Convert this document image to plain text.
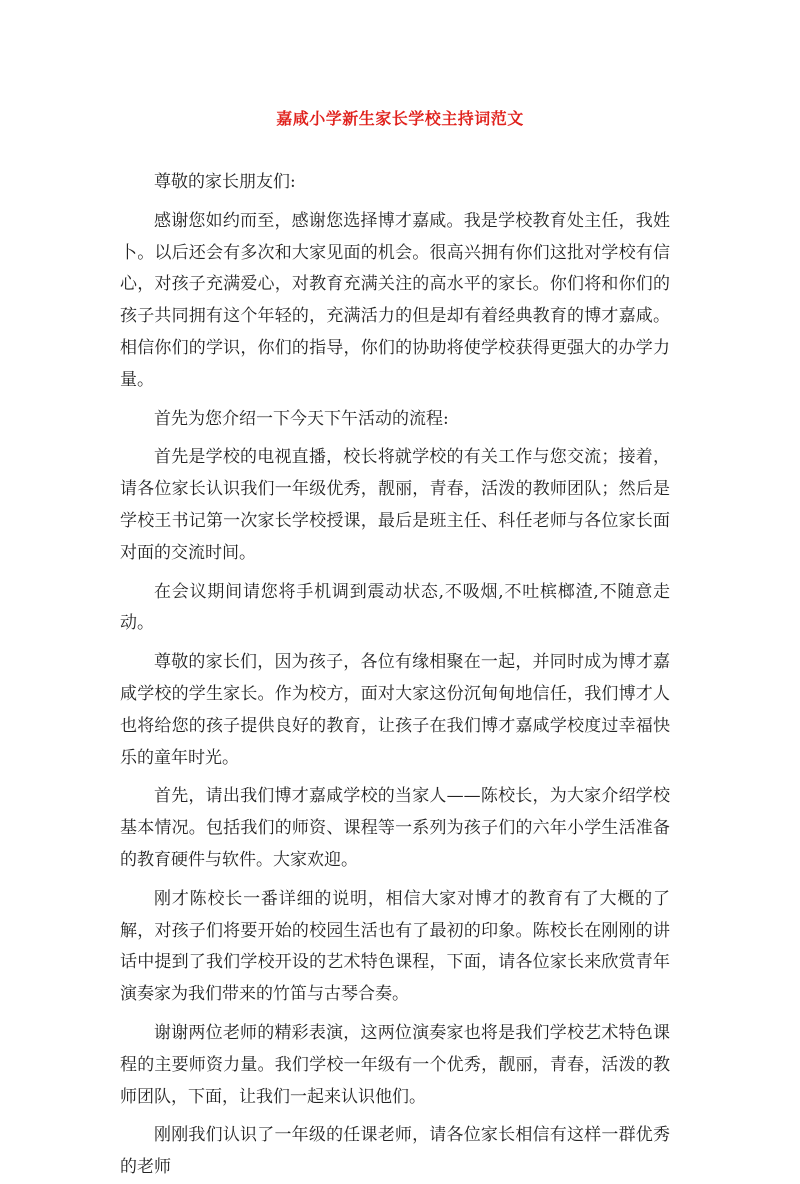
嘉咸小学新生家长学校主持词范文

尊敬的家长朋友们:

感谢您如约而至，感谢您选择博才嘉咸。我是学校教育处主任，我姓卜。以后还会有多次和大家见面的机会。很高兴拥有你们这批对学校有信心，对孩子充满爱心，对教育充满关注的高水平的家长。你们将和你们的孩子共同拥有这个年轻的，充满活力的但是却有着经典教育的博才嘉咸。相信你们的学识，你们的指导，你们的协助将使学校获得更强大的办学力量。

首先为您介绍一下今天下午活动的流程:

首先是学校的电视直播，校长将就学校的有关工作与您交流；接着，请各位家长认识我们一年级优秀，靓丽，青春，活泼的教师团队；然后是学校王书记第一次家长学校授课，最后是班主任、科任老师与各位家长面对面的交流时间。

在会议期间请您将手机调到震动状态,不吸烟,不吐槟榔渣,不随意走动。

尊敬的家长们，因为孩子，各位有缘相聚在一起，并同时成为博才嘉咸学校的学生家长。作为校方，面对大家这份沉甸甸地信任，我们博才人也将给您的孩子提供良好的教育，让孩子在我们博才嘉咸学校度过幸福快乐的童年时光。

首先，请出我们博才嘉咸学校的当家人——陈校长，为大家介绍学校基本情况。包括我们的师资、课程等一系列为孩子们的六年小学生活准备的教育硬件与软件。大家欢迎。

刚才陈校长一番详细的说明，相信大家对博才的教育有了大概的了解，对孩子们将要开始的校园生活也有了最初的印象。陈校长在刚刚的讲话中提到了我们学校开设的艺术特色课程，下面，请各位家长来欣赏青年演奏家为我们带来的竹笛与古琴合奏。

谢谢两位老师的精彩表演，这两位演奏家也将是我们学校艺术特色课程的主要师资力量。我们学校一年级有一个优秀，靓丽，青春，活泼的教师团队，下面，让我们一起来认识他们。

刚刚我们认识了一年级的任课老师，请各位家长相信有这样一群优秀的老师
